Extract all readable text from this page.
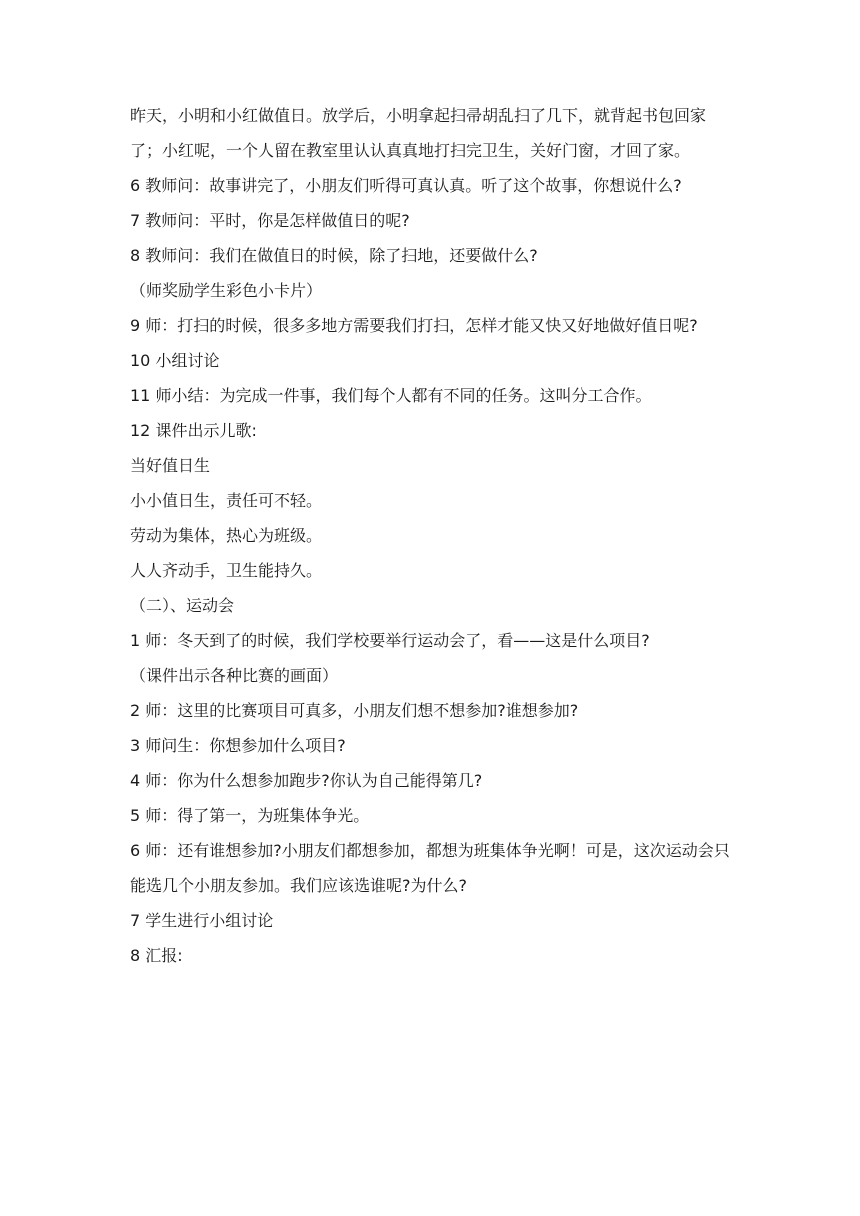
昨天，小明和小红做值日。放学后，小明拿起扫帚胡乱扫了几下，就背起书包回家了；小红呢，一个人留在教室里认认真真地打扫完卫生，关好门窗，才回了家。

6 教师问：故事讲完了，小朋友们听得可真认真。听了这个故事，你想说什么?

7 教师问：平时，你是怎样做值日的呢?

8 教师问：我们在做值日的时候，除了扫地，还要做什么?

（师奖励学生彩色小卡片）

9 师：打扫的时候，很多多地方需要我们打扫，怎样才能又快又好地做好值日呢?

10 小组讨论

11 师小结：为完成一件事，我们每个人都有不同的任务。这叫分工合作。

12 课件出示儿歌:

当好值日生

小小值日生，责任可不轻。

劳动为集体，热心为班级。

人人齐动手，卫生能持久。

（二）、运动会

1 师：冬天到了的时候，我们学校要举行运动会了，看——这是什么项目?

（课件出示各种比赛的画面）

2 师：这里的比赛项目可真多，小朋友们想不想参加?谁想参加?

3 师问生：你想参加什么项目?

4 师：你为什么想参加跑步?你认为自己能得第几?

5 师：得了第一，为班集体争光。

6 师：还有谁想参加?小朋友们都想参加，都想为班集体争光啊！可是，这次运动会只能选几个小朋友参加。我们应该选谁呢?为什么?

7 学生进行小组讨论

8 汇报:
